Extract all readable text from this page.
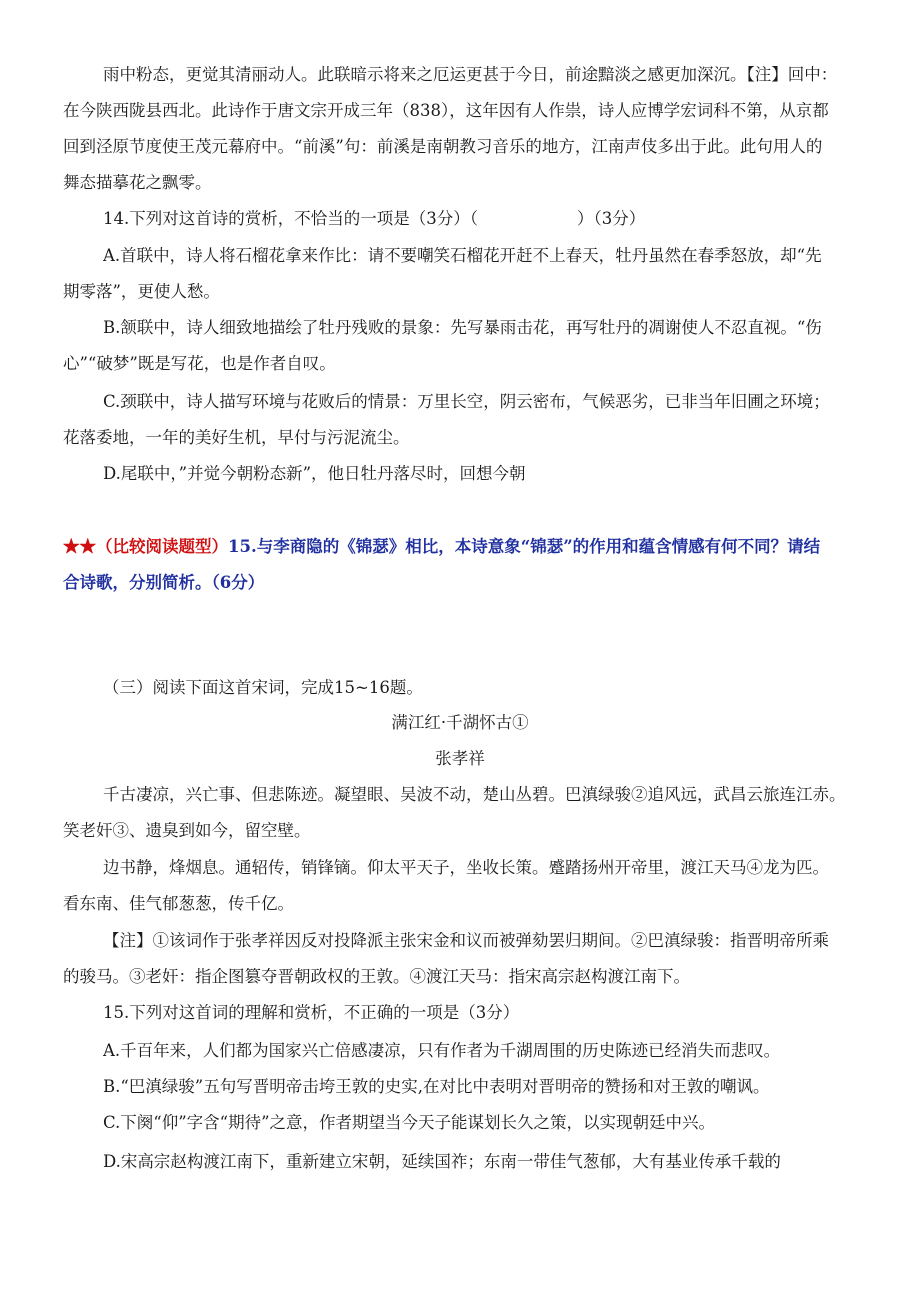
雨中粉态，更觉其清丽动人。此联暗示将来之厄运更甚于今日，前途黯淡之感更加深沉。【注】回中：
在今陕西陇县西北。此诗作于唐文宗开成三年（838），这年因有人作祟，诗人应博学宏词科不第，从京都
回到泾原节度使王茂元幕府中。“前溪”句：前溪是南朝教习音乐的地方，江南声伎多出于此。此句用人的
舞态描摹花之飘零。
14.下列对这首诗的赏析，不恰当的一项是（3分）（　　　　　　）（3分）
A.首联中，诗人将石榴花拿来作比：请不要嘲笑石榴花开赶不上春天，牡丹虽然在春季怒放，却“先
期零落”，更使人愁。
B.颔联中，诗人细致地描绘了牡丹残败的景象：先写暴雨击花，再写牡丹的凋谢使人不忍直视。“伤
心”“破梦”既是写花，也是作者自叹。
C.颈联中，诗人描写环境与花败后的情景：万里长空，阴云密布，气候恶劣，已非当年旧圃之环境；
花落委地，一年的美好生机，早付与污泥流尘。
D.尾联中，”并觉今朝粉态新”，他日牡丹落尽时，回想今朝
★★（比较阅读题型）15.与李商隐的《锦瑟》相比，本诗意象“锦瑟”的作用和蕴含情感有何不同？请结
合诗歌，分别简析。（6分）
（三）阅读下面这首宋词，完成15~16题。
满江红·千湖怀古①
张孝祥
千古凄凉，兴亡事、但悲陈迹。凝望眼、吴波不动，楚山丛碧。巴滇绿骏②追风远，武昌云旅连江赤。
笑老奸③、遗臭到如今，留空壁。
边书静，烽烟息。通轺传，销锋镝。仰太平天子，坐收长策。蹙踏扬州开帝里，渡江天马④龙为匹。
看东南、佳气郁葱葱，传千亿。
【注】①该词作于张孝祥因反对投降派主张宋金和议而被弹劾罢归期间。②巴滇绿骏：指晋明帝所乘
的骏马。③老奸：指企图篡夺晋朝政权的王敦。④渡江天马：指宋高宗赵构渡江南下。
15.下列对这首词的理解和赏析，不正确的一项是（3分）
A.千百年来，人们都为国家兴亡倍感凄凉，只有作者为千湖周围的历史陈迹已经消失而悲叹。
B.“巴滇绿骏”五句写晋明帝击垮王敦的史实,在对比中表明对晋明帝的赞扬和对王敦的嘲讽。
C.下阕“仰”字含“期待”之意，作者期望当今天子能谋划长久之策，以实现朝廷中兴。
D.宋高宗赵构渡江南下，重新建立宋朝，延续国祚；东南一带佳气葱郁，大有基业传承千载的
